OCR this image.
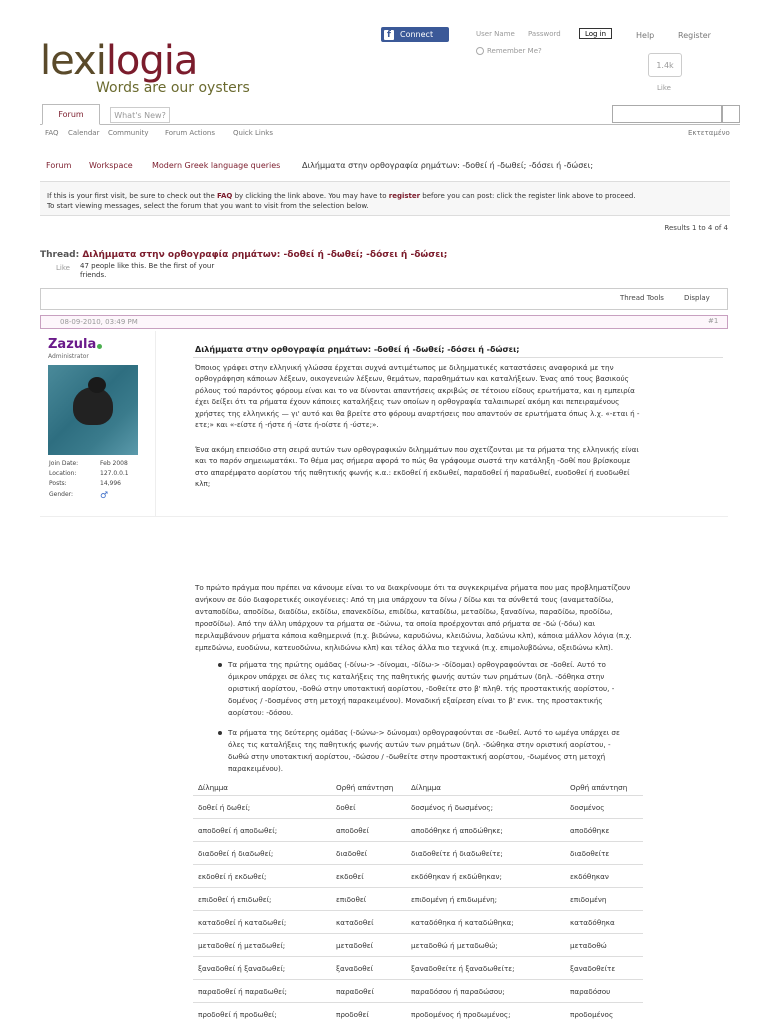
lexilogia
Words are our oysters
f	Connect	User Name Password	Log in
Remember Me?
Help	Register
1.4k
Like
Forum	What's New?
FAQ Calendar Community Forum Actions	Quick Links	Εκτεταμένο
Forum Workspace Modern Greek language queries	Διλήμματα στην ορθογραφία ρημάτων: -δοθεί ή -δωθεί; -δόσει ή -δώσει;
If this is your first visit, be sure to check out the FAQ by clicking the link above. You may have to register before you can post: click the register link above to proceed.
To start viewing messages, select the forum that you want to visit from the selection below.
Results 1 to 4 of 4
Thread: Διλήμματα στην ορθογραφία ρημάτων: -δοθεί ή -δωθεί; -δόσει ή -δώσει;
Like 47 people like this. Be the first of your friends.
Thread Tools	Display
08-09-2010, 03:49 PM	#1
Zazula
Administrator
Join Date:	Feb 2008
Location:	127.0.0.1
Posts:	14,996
Gender:	♂
Διλήμματα στην ορθογραφία ρημάτων: -δοθεί ή -δωθεί; -δόσει ή -δώσει;
Όποιος γράφει στην ελληνική γλώσσα έρχεται συχνά αντιμέτωπος με διλημματικές καταστάσεις αναφορικά με την
ορθογράφηση κάποιων λέξεων, οικογενειών λέξεων, θεμάτων, παραθημάτων και καταλήξεων. Ένας από τους βασικούς
ρόλους τού παρόντος φόρουμ είναι και το να δίνονται απαντήσεις ακριβώς σε τέτοιου είδους ερωτήματα, και η εμπειρία
έχει δείξει ότι τα ρήματα έχουν κάποιες καταλήξεις των οποίων η ορθογραφία ταλαιπωρεί ακόμη και πεπειραμένους
χρήστες της ελληνικής — γι' αυτό και θα βρείτε στο φόρουμ αναρτήσεις που απαντούν σε ερωτήματα όπως λ.χ. «-εται ή -
ετε;» και «-είστε ή -ήστε ή -ίστε ή-οίστε ή -ύστε;».
Ένα ακόμη επεισόδιο στη σειρά αυτών των ορθογραφικών διλημμάτων που σχετίζονται με τα ρήματα της ελληνικής είναι
και το παρόν σημειωματάκι. Το θέμα μας σήμερα αφορά το πώς θα γράφουμε σωστά την κατάληξη -δοθί που βρίσκουμε
στο απαρέμφατο αορίστου τής παθητικής φωνής κ.α.: εκδοθεί ή εκδωθεί, παραδοθεί ή παραδωθεί, ευοδοθεί ή ευοδωθεί
κλπ;
Το πρώτο πράγμα που πρέπει να κάνουμε είναι το να διακρίνουμε ότι τα συγκεκριμένα ρήματα που μας προβληματίζουν
ανήκουν σε δύο διαφορετικές οικογένειες: Από τη μια υπάρχουν τα δίνω / δίδω και τα σύνθετά τους (αναμεταδίδω,
ανταποδίδω, αποδίδω, διαδίδω, εκδίδω, επανεκδίδω, επιδίδω, καταδίδω, μεταδίδω, ξαναδίνω, παραδίδω, προδίδω,
προσδίδω). Από την άλλη υπάρχουν τα ρήματα σε -δώνω, τα οποία προέρχονται από ρήματα σε -δώ (-δόω) και
περιλαμβάνουν ρήματα κάποια καθημερινά (π.χ. βιδώνω, καρυδώνω, κλειδώνω, λαδώνω κλπ), κάποια μάλλον λόγια (π.χ.
εμπεδώνω, ευοδώνω, κατευοδώνω, κηλιδώνω κλπ) και τέλος άλλα πιο τεχνικά (π.χ. επιμολυβδώνω, οξειδώνω κλπ).
Τα ρήματα της πρώτης ομάδας (-δίνω-> -δίνομαι, -δίδω-> -δίδομαι) ορθογραφούνται σε -δοθεί. Αυτό το
όμικρον υπάρχει σε όλες τις καταλήξεις της παθητικής φωνής αυτών των ρημάτων (δηλ. -δόθηκα στην
οριστική αορίστου, -δοθώ στην υποτακτική αορίστου, -δοθείτε στο β' πληθ. τής προστακτικής αορίστου, -
δομένος / -δοσμένος στη μετοχή παρακειμένου). Μοναδική εξαίρεση είναι το β' ενικ. της προστακτικής
αορίστου: -δόσου.
Τα ρήματα της δεύτερης ομάδας (-δώνω-> δώνομαι) ορθογραφούνται σε -δωθεί. Αυτό το ωμέγα υπάρχει σε
όλες τις καταλήξεις της παθητικής φωνής αυτών των ρημάτων (δηλ. -δώθηκα στην οριστική αορίστου, -
δωθώ στην υποτακτική αορίστου, -δώσου / -δωθείτε στην προστακτική αορίστου, -δωμένος στη μετοχή
παρακειμένου).
Δίλημμα	Ορθή απάντηση Δίλημμα	Ορθή απάντηση
δοθεί ή δωθεί;	δοθεί	δοσμένος ή δωσμένος;	δοσμένος
αποδοθεί ή αποδωθεί;	αποδοθεί	αποδόθηκε ή αποδώθηκε;	αποδόθηκε
διαδοθεί ή διαδωθεί;	διαδοθεί	διαδοθείτε ή διαδωθείτε;	διαδοθείτε
εκδοθεί ή εκδωθεί;	εκδοθεί	εκδόθηκαν ή εκδώθηκαν;	εκδόθηκαν
επιδοθεί ή επιδωθεί;	επιδοθεί	επιδομένη ή επιδωμένη;	επιδομένη
καταδοθεί ή καταδωθεί;	καταδοθεί	καταδόθηκα ή καταδώθηκα;	καταδόθηκα
μεταδοθεί ή μεταδωθεί;	μεταδοθεί	μεταδοθώ ή μεταδωθώ;	μεταδοθώ
ξαναδοθεί ή ξαναδωθεί;	ξαναδοθεί	ξαναδοθείτε ή ξαναδωθείτε;	ξαναδοθείτε
παραδοθεί ή παραδωθεί;	παραδοθεί	παραδόσου ή παραδώσου;	παραδόσου
προδοθεί ή προδωθεί;	προδοθεί	προδομένος ή προδωμένος;	προδομένος
